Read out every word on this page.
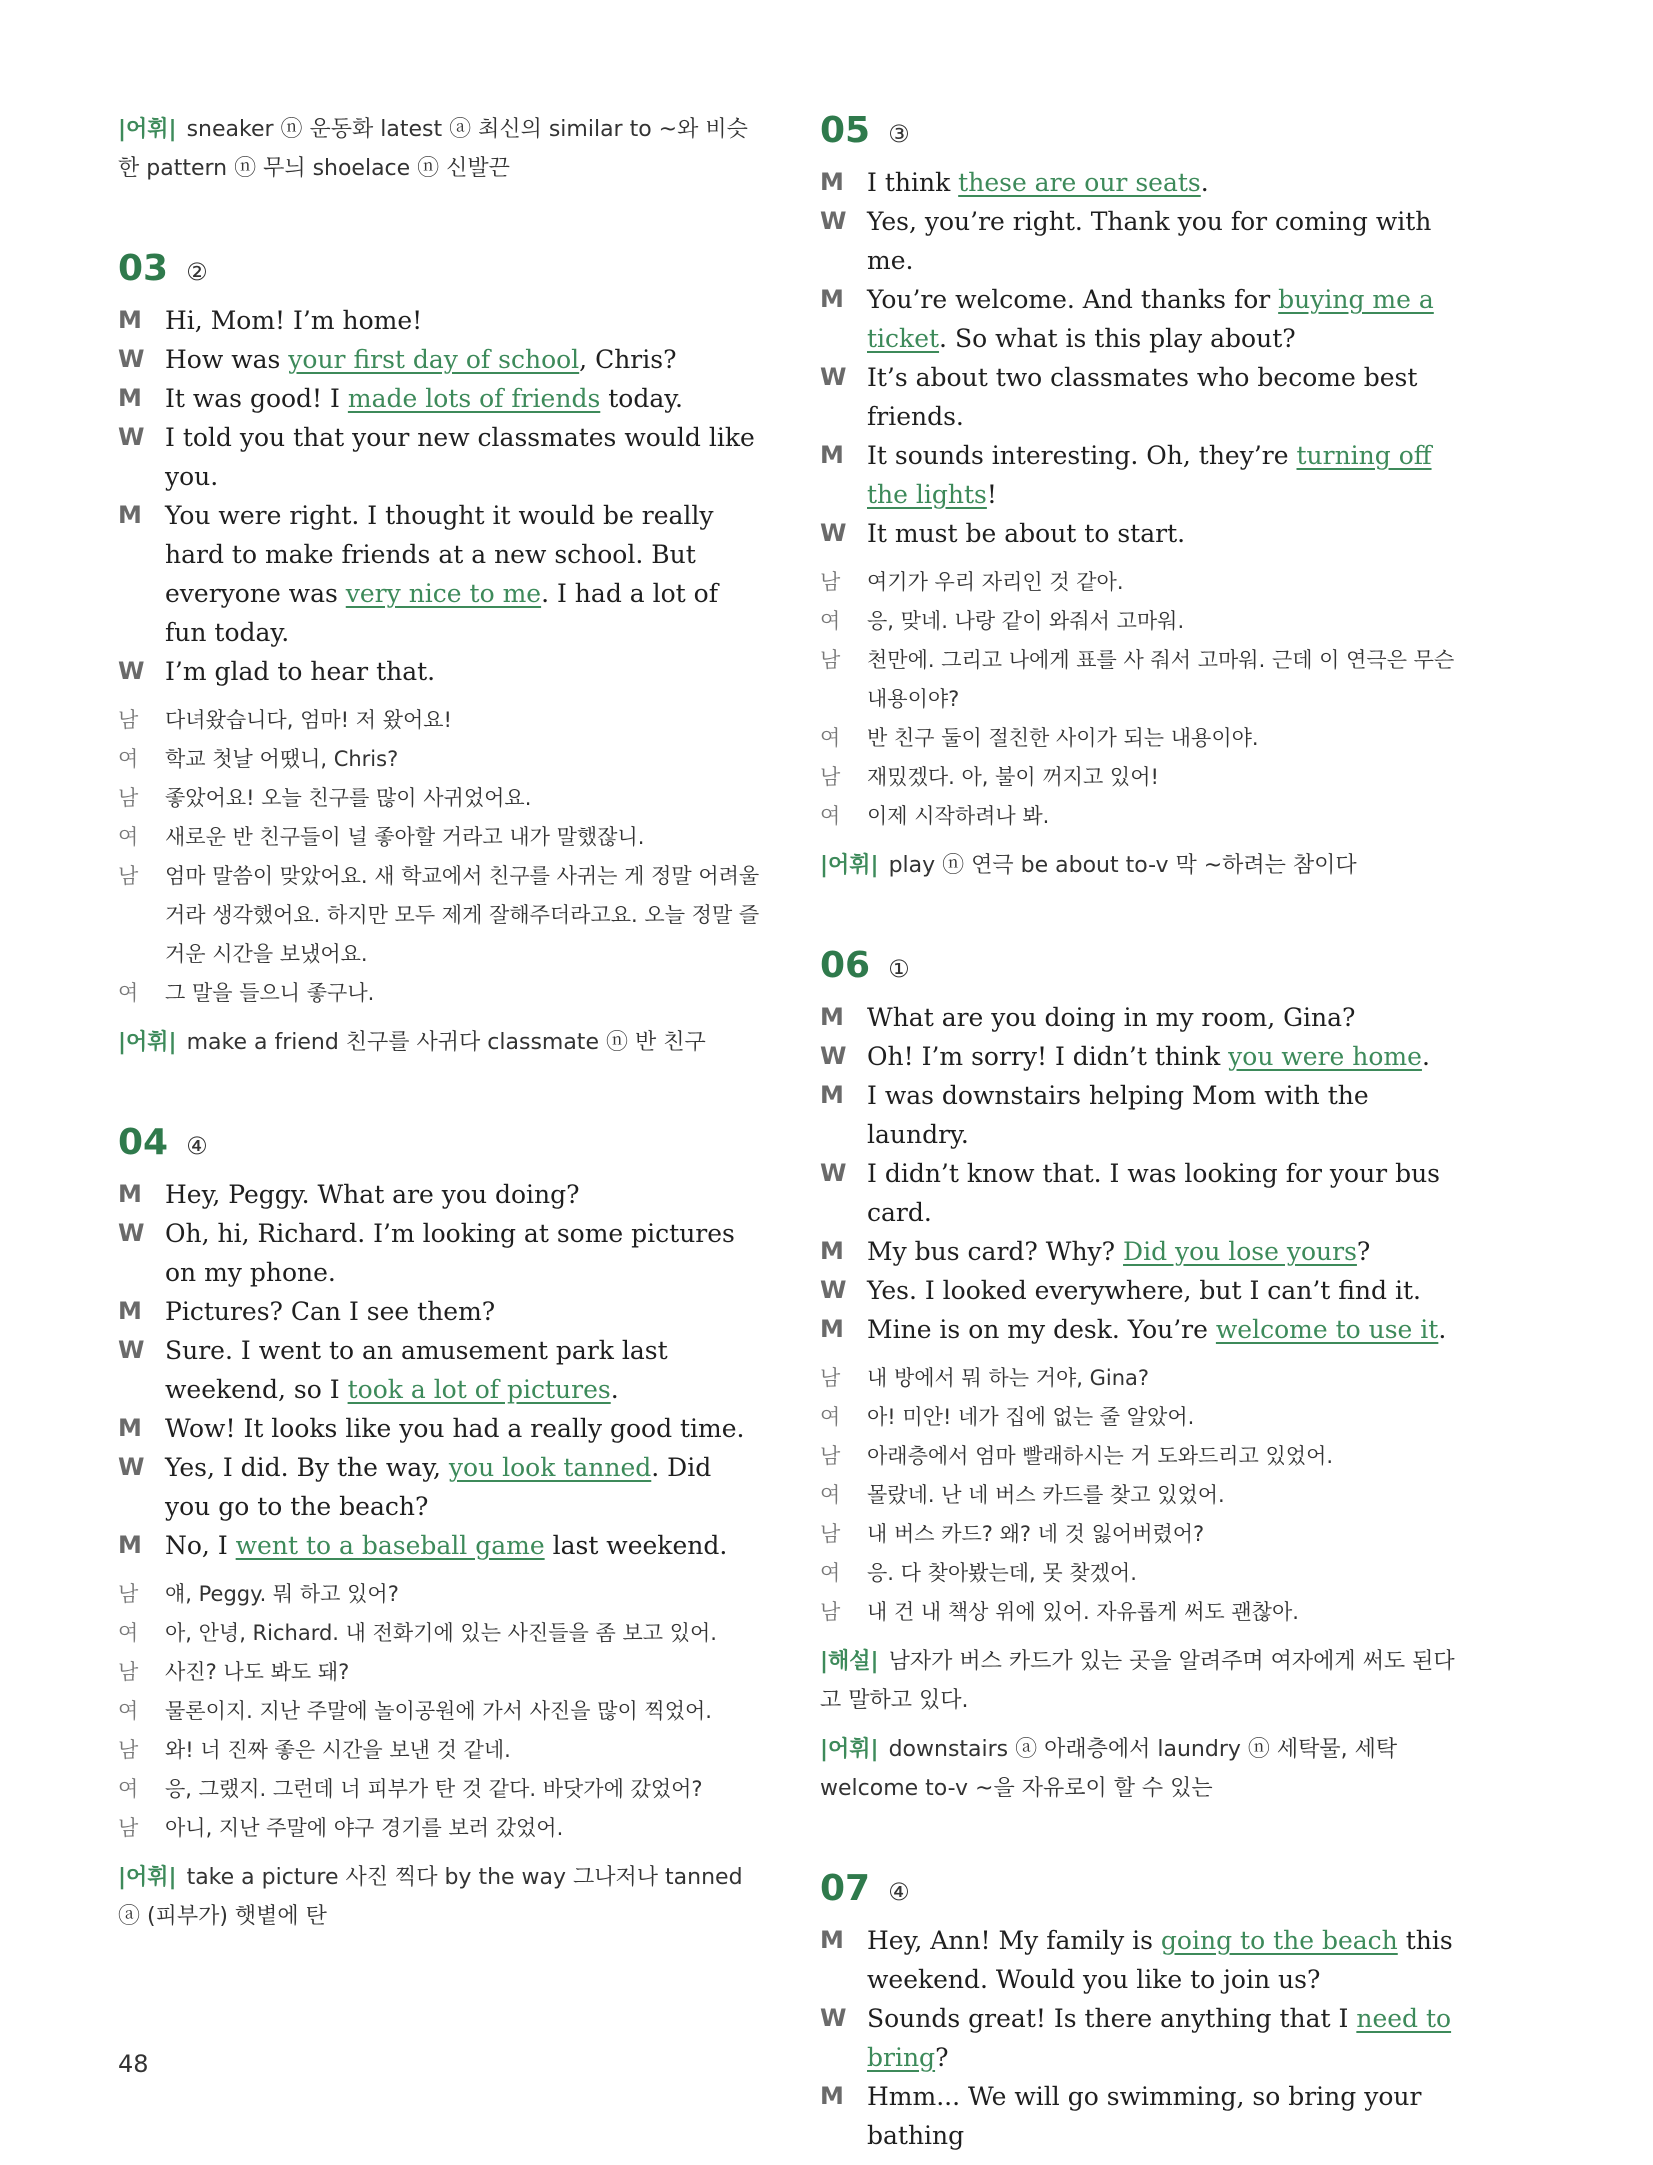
|어휘| sneaker ⓝ 운동화 latest ⓐ 최신의 similar to ~와 비슷한 pattern ⓝ 무늬 shoelace ⓝ 신발끈

03 ②
M Hi, Mom! I’m home!
W How was your first day of school, Chris?
M It was good! I made lots of friends today.
W I told you that your new classmates would like you.
M You were right. I thought it would be really hard to make friends at a new school. But everyone was very nice to me. I had a lot of fun today.
W I’m glad to hear that.
남	다녀왔습니다, 엄마! 저 왔어요!
여	학교 첫날 어땠니, Chris?
남	좋았어요! 오늘 친구를 많이 사귀었어요.
여	새로운 반 친구들이 널 좋아할 거라고 내가 말했잖니.
남	엄마 말씀이 맞았어요. 새 학교에서 친구를 사귀는 게 정말 어려울 거라 생각했어요. 하지만 모두 제게 잘해주더라고요. 오늘 정말 즐거운 시간을 보냈어요.
여	그 말을 들으니 좋구나.

|어휘| make a friend 친구를 사귀다 classmate ⓝ 반 친구

04 ④
M Hey, Peggy. What are you doing?
W Oh, hi, Richard. I’m looking at some pictures on my phone.
M Pictures? Can I see them?
W Sure. I went to an amusement park last weekend, so I took a lot of pictures.
M Wow! It looks like you had a really good time.
W Yes, I did. By the way, you look tanned. Did you go to the beach?
M No, I went to a baseball game last weekend.
남	얘, Peggy. 뭐 하고 있어?
여	아, 안녕, Richard. 내 전화기에 있는 사진들을 좀 보고 있어.
남	사진? 나도 봐도 돼?
여	물론이지. 지난 주말에 놀이공원에 가서 사진을 많이 찍었어.
남	와! 너 진짜 좋은 시간을 보낸 것 같네.
여	응, 그랬지. 그런데 너 피부가 탄 것 같다. 바닷가에 갔었어?
남	아니, 지난 주말에 야구 경기를 보러 갔었어.

|어휘| take a picture 사진 찍다 by the way 그나저나 tanned ⓐ (피부가) 햇볕에 탄

05 ③
M I think these are our seats.
W Yes, you’re right. Thank you for coming with me.
M You’re welcome. And thanks for buying me a ticket. So what is this play about?
W It’s about two classmates who become best friends.
M It sounds interesting. Oh, they’re turning off the lights!
W It must be about to start.
남	여기가 우리 자리인 것 같아.
여	응, 맞네. 나랑 같이 와줘서 고마워.
남	천만에. 그리고 나에게 표를 사 줘서 고마워. 근데 이 연극은 무슨 내용이야?
여	반 친구 둘이 절친한 사이가 되는 내용이야.
남	재밌겠다. 아, 불이 꺼지고 있어!
여	이제 시작하려나 봐.

|어휘| play ⓝ 연극 be about to-v 막 ~하려는 참이다

06 ①
M What are you doing in my room, Gina?
W Oh! I’m sorry! I didn’t think you were home.
M I was downstairs helping Mom with the laundry.
W I didn’t know that. I was looking for your bus card.
M My bus card? Why? Did you lose yours?
W Yes. I looked everywhere, but I can’t find it.
M Mine is on my desk. You’re welcome to use it.
남	내 방에서 뭐 하는 거야, Gina?
여	아! 미안! 네가 집에 없는 줄 알았어.
남	아래층에서 엄마 빨래하시는 거 도와드리고 있었어.
여	몰랐네. 난 네 버스 카드를 찾고 있었어.
남	내 버스 카드? 왜? 네 것 잃어버렸어?
여	응. 다 찾아봤는데, 못 찾겠어.
남	내 건 내 책상 위에 있어. 자유롭게 써도 괜찮아.

|해설| 남자가 버스 카드가 있는 곳을 알려주며 여자에게 써도 된다고 말하고 있다.

|어휘| downstairs ⓐ 아래층에서 laundry ⓝ 세탁물, 세탁 welcome to-v ~을 자유로이 할 수 있는

07 ④
M Hey, Ann! My family is going to the beach this weekend. Would you like to join us?
W Sounds great! Is there anything that I need to bring?
M Hmm... We will go swimming, so bring your bathing
48
